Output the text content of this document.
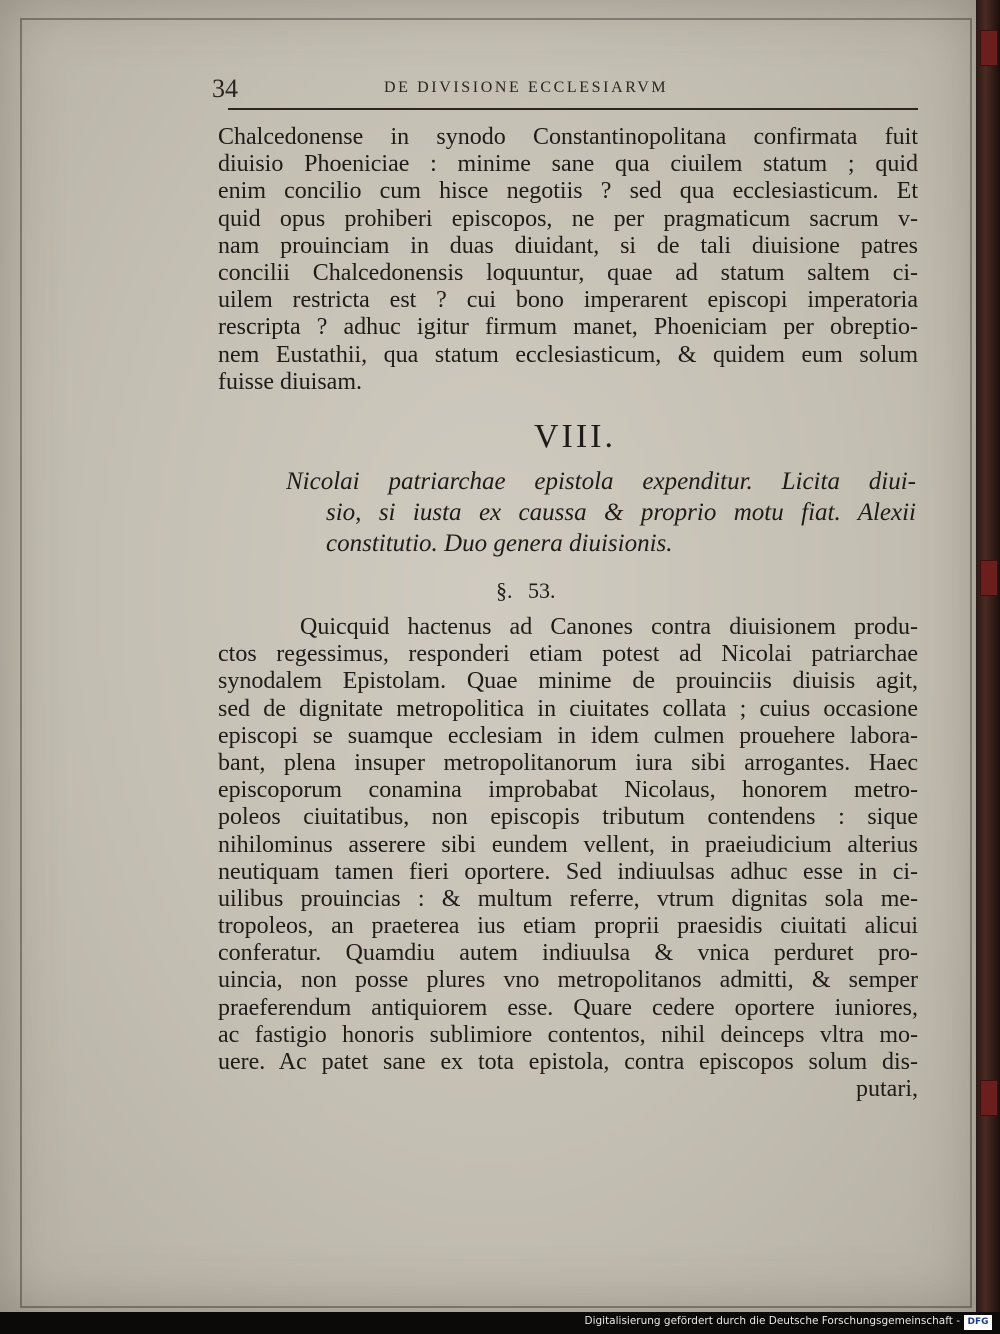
34	DE DIVISIONE ECCLESIARVM
Chalcedonense in synodo Constantinopolitana confirmata fuit
diuisio Phoeniciae : minime sane qua ciuilem statum ; quid
enim concilio cum hisce negotiis ? sed qua ecclesiasticum. Et
quid opus prohiberi episcopos, ne per pragmaticum sacrum v-
nam prouinciam in duas diuidant, si de tali diuisione patres
concilii Chalcedonensis loquuntur, quae ad statum saltem ci-
uilem restricta est ? cui bono imperarent episcopi imperatoria
rescripta ? adhuc igitur firmum manet, Phoeniciam per obreptio-
nem Eustathii, qua statum ecclesiasticum, & quidem eum solum
fuisse diuisam.
VIII.
Nicolai patriarchae epistola expenditur. Licita diui-
sio, si iusta ex caussa & proprio motu fiat. Alexii
constitutio. Duo genera diuisionis.
§. 53.
Quicquid hactenus ad Canones contra diuisionem produ-
ctos regessimus, responderi etiam potest ad Nicolai patriarchae
synodalem Epistolam. Quae minime de prouinciis diuisis agit,
sed de dignitate metropolitica in ciuitates collata ; cuius occasione
episcopi se suamque ecclesiam in idem culmen prouehere labora-
bant, plena insuper metropolitanorum iura sibi arrogantes. Haec
episcoporum conamina improbabat Nicolaus, honorem metro-
poleos ciuitatibus, non episcopis tributum contendens : sique
nihilominus asserere sibi eundem vellent, in praeiudicium alterius
neutiquam tamen fieri oportere. Sed indiuulsas adhuc esse in ci-
uilibus prouincias : & multum referre, vtrum dignitas sola me-
tropoleos, an praeterea ius etiam proprii praesidis ciuitati alicui
conferatur. Quamdiu autem indiuulsa & vnica perduret pro-
uincia, non posse plures vno metropolitanos admitti, & semper
praeferendum antiquiorem esse. Quare cedere oportere iuniores,
ac fastigio honoris sublimiore contentos, nihil deinceps vltra mo-
uere. Ac patet sane ex tota epistola, contra episcopos solum dis-
putari,
Digitalisierung gefördert durch die Deutsche Forschungsgemeinschaft - DFG
